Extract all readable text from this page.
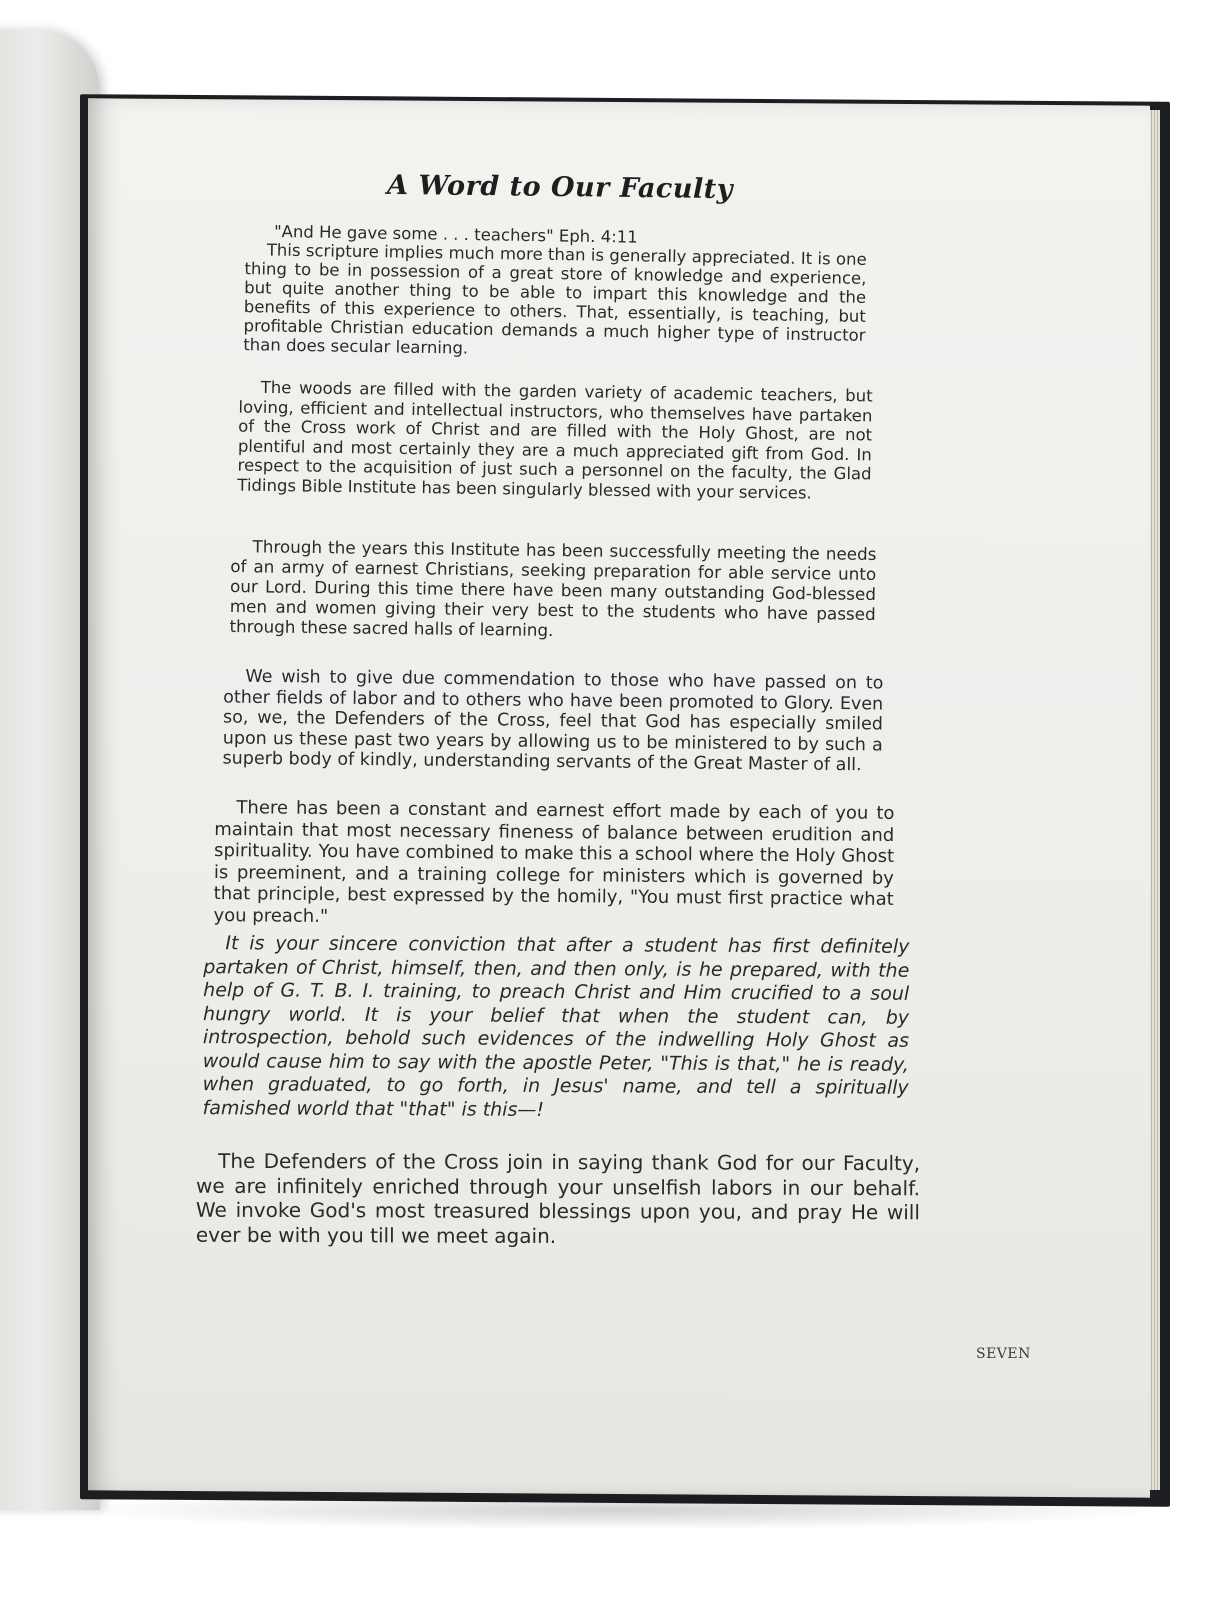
A Word to Our Faculty

"And He gave some . . . teachers" Eph. 4:11

This scripture implies much more than is generally appreciated. It is one thing to be in possession of a great store of knowledge and experience, but quite another thing to be able to impart this knowledge and the benefits of this experience to others. That, essentially, is teaching, but profitable Christian education demands a much higher type of instructor than does secular learning.

The woods are filled with the garden variety of academic teachers, but loving, efficient and intellectual instructors, who themselves have partaken of the Cross work of Christ and are filled with the Holy Ghost, are not plentiful and most certainly they are a much appreciated gift from God. In respect to the acquisition of just such a personnel on the faculty, the Glad Tidings Bible Institute has been singularly blessed with your services.

Through the years this Institute has been successfully meeting the needs of an army of earnest Christians, seeking preparation for able service unto our Lord. During this time there have been many outstanding God-blessed men and women giving their very best to the students who have passed through these sacred halls of learning.

We wish to give due commendation to those who have passed on to other fields of labor and to others who have been promoted to Glory. Even so, we, the Defenders of the Cross, feel that God has especially smiled upon us these past two years by allowing us to be ministered to by such a superb body of kindly, understanding servants of the Great Master of all.

There has been a constant and earnest effort made by each of you to maintain that most necessary fineness of balance between erudition and spirituality. You have combined to make this a school where the Holy Ghost is preeminent, and a training college for ministers which is governed by that principle, best expressed by the homily, "You must first practice what you preach."

It is your sincere conviction that after a student has first definitely partaken of Christ, himself, then, and then only, is he prepared, with the help of G. T. B. I. training, to preach Christ and Him crucified to a soul hungry world. It is your belief that when the student can, by introspection, behold such evidences of the indwelling Holy Ghost as would cause him to say with the apostle Peter, "This is that," he is ready, when graduated, to go forth, in Jesus' name, and tell a spiritually famished world that "that" is this—!

The Defenders of the Cross join in saying thank God for our Faculty, we are infinitely enriched through your unselfish labors in our behalf. We invoke God's most treasured blessings upon you, and pray He will ever be with you till we meet again.

SEVEN
